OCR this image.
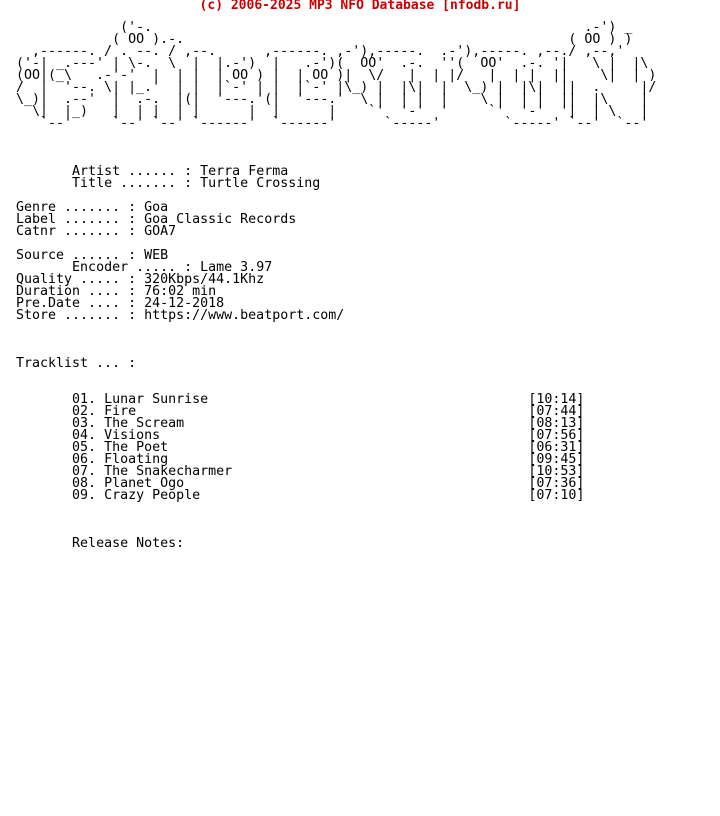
(c) 2006-2025 MP3 NFO Database [nfodb.ru]
('-.                                                      .-') _
( OO ).-.                                                ( OO ) )
,------. / . --. / ,--.      ,------. ,-'),-----.  .-'),-----. ,--./ ,--,'
('-| _.---' | \-.  \  |  |.-')  |   .-')(  OO'  .-.  ''(  OO'  .-. '|   \ |  |\
(OO|(_\   .-'-'  |  | |  | OO ) |  | OO )|  \/   |  | |/   |  | |  ||    \|  | )
/  |  '--. \| |_.'  | |  |`-' | |  |`-' |\_) |  |\|  |  \_) |  |\|  ||  .     |/
\_)|  .--'  |  .-.  |(|  '---.'(|  '---.'  \ |  | |  |    \ |  | |  ||  |\    |
\|  |_)   |  | |  | |      |  |      |    `'  '-'  '     `'  '-'  '|  | \   |
`--'     `--' `--' `------'  `------'      `-----'        `-----' `--'  `--'

Artist ...... : Terra Ferma
Title ....... : Turtle Crossing

Genre ....... : Goa
Label ....... : Goa Classic Records
Catnr ....... : GOA7

Source ...... : WEB
Encoder ..... : Lame 3.97
Quality ..... : 320Kbps/44.1Khz
Duration .... : 76:02 min
Pre.Date .... : 24-12-2018
Store ....... : https://www.beatport.com/

Tracklist ... :

01. Lunar Sunrise	[10:14]
02. Fire	[07:44]
03. The Scream	[08:13]
04. Visions	[07:56]
05. The Poet	[06:31]
06. Floating	[09:45]
07. The Snakecharmer	[10:53]
08. Planet Ogo	[07:36]
09. Crazy People	[07:10]

Release Notes:
